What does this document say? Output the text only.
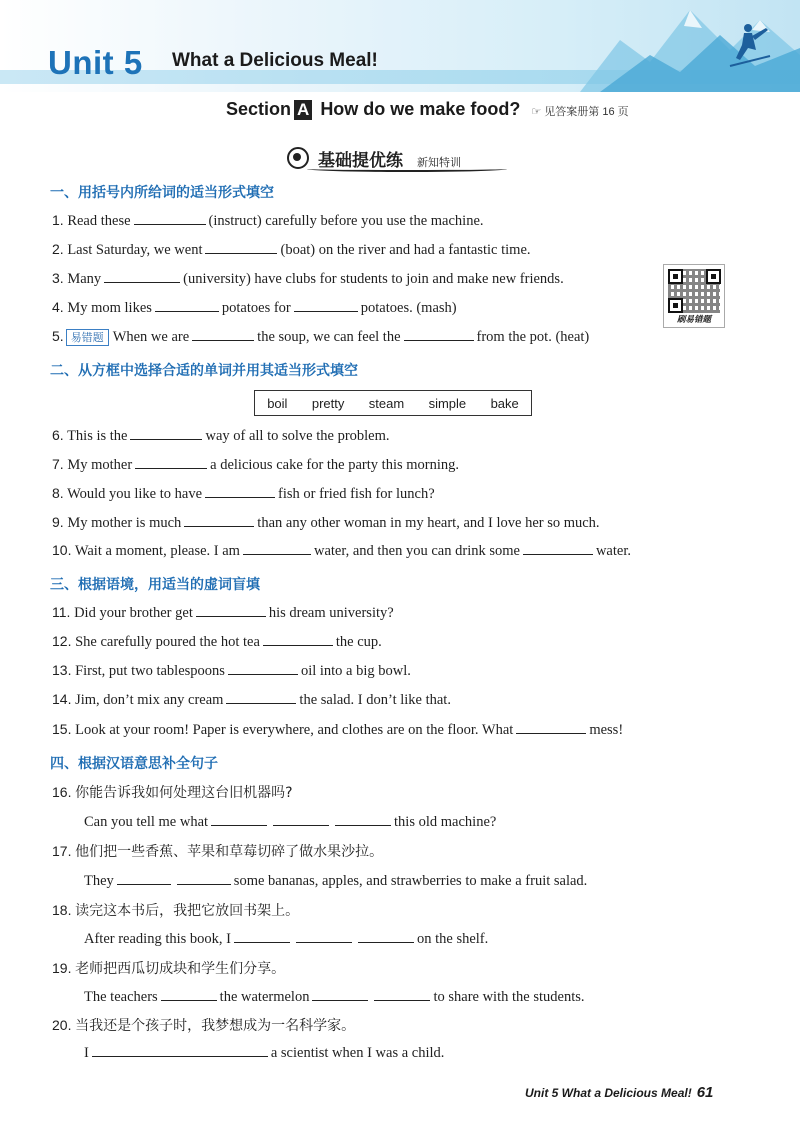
Unit 5 What a Delicious Meal!
Section A How do we make food? ☞ 见答案册第 16 页
基础提优练 新知特训
一、用括号内所给词的适当形式填空
1. Read these	(instruct) carefully before you use the machine.
2. Last Saturday, we went	(boat) on the river and had a fantastic time.
3. Many	(university) have clubs for students to join and make new friends.
4. My mom likes	potatoes for	potatoes. (mash)
5. 易错题 When we are	the soup, we can feel the	from the pot. (heat)
刷易错题
二、从方框中选择合适的单词并用其适当形式填空
boil pretty steam simple bake
6. This is the	way of all to solve the problem.
7. My mother	a delicious cake for the party this morning.
8. Would you like to have	fish or fried fish for lunch?
9. My mother is much	than any other woman in my heart, and I love her so much.
10. Wait a moment, please. I am	water, and then you can drink some	water.
三、根据语境，用适当的虚词盲填
11. Did your brother get	his dream university?
12. She carefully poured the hot tea	the cup.
13. First, put two tablespoons	oil into a big bowl.
14. Jim, don’t mix any cream	the salad. I don’t like that.
15. Look at your room! Paper is everywhere, and clothes are on the floor. What	mess!
四、根据汉语意思补全句子
16. 你能告诉我如何处理这台旧机器吗?
Can you tell me what	this old machine?
17. 他们把一些香蕉、苹果和草莓切碎了做水果沙拉。
They	some bananas, apples, and strawberries to make a fruit salad.
18. 读完这本书后，我把它放回书架上。
After reading this book, I	on the shelf.
19. 老师把西瓜切成块和学生们分享。
The teachers	the watermelon	to share with the students.
20. 当我还是个孩子时，我梦想成为一名科学家。
I	a scientist when I was a child.
Unit 5 What a Delicious Meal! 61
